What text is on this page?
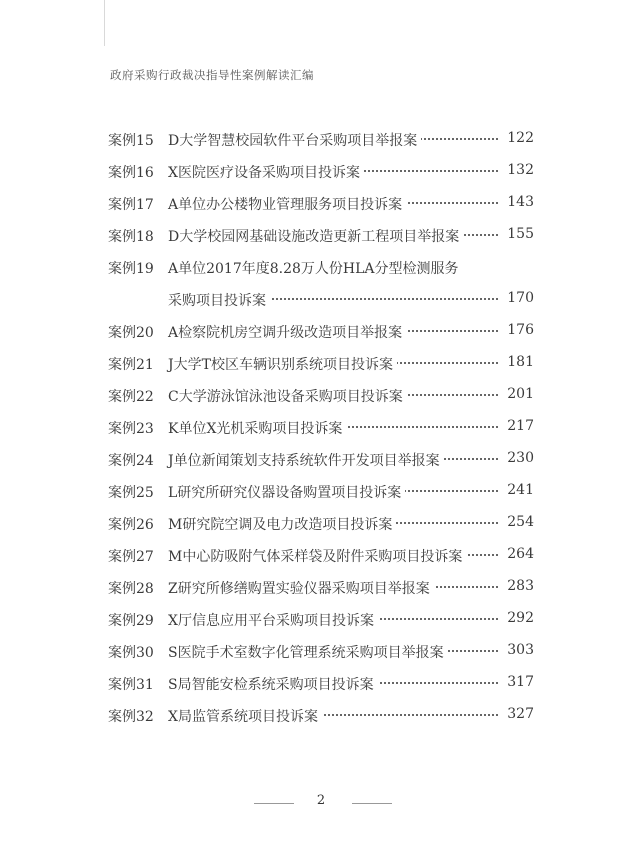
政府采购行政裁决指导性案例解读汇编
案例15	D大学智慧校园软件平台采购项目举报案	122
案例16	X医院医疗设备采购项目投诉案	132
案例17	A单位办公楼物业管理服务项目投诉案	143
案例18	D大学校园网基础设施改造更新工程项目举报案	155
案例19	A单位2017年度8.28万人份HLA分型检测服务
采购项目投诉案	170
案例20	A检察院机房空调升级改造项目举报案	176
案例21	J大学T校区车辆识别系统项目投诉案	181
案例22	C大学游泳馆泳池设备采购项目投诉案	201
案例23	K单位X光机采购项目投诉案	217
案例24	J单位新闻策划支持系统软件开发项目举报案	230
案例25	L研究所研究仪器设备购置项目投诉案	241
案例26	M研究院空调及电力改造项目投诉案	254
案例27	M中心防吸附气体采样袋及附件采购项目投诉案	264
案例28	Z研究所修缮购置实验仪器采购项目举报案	283
案例29	X厅信息应用平台采购项目投诉案	292
案例30	S医院手术室数字化管理系统采购项目举报案	303
案例31	S局智能安检系统采购项目投诉案	317
案例32	X局监管系统项目投诉案	327
2
